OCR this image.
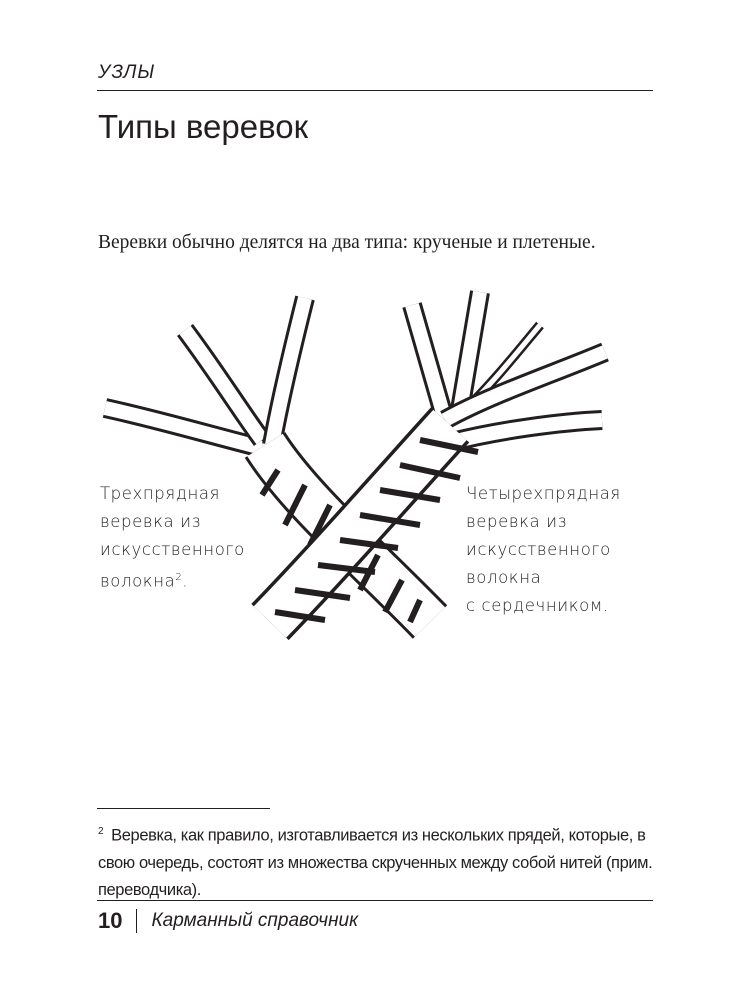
УЗЛЫ
Типы веревок
Веревки обычно делятся на два типа: крученые и плетеные.
Трехпрядная
веревка из
искусственного
волокна$^2$.
Четырехпрядная
веревка из
искусственного
волокна
с сердечником.
$^2$ Веревка, как правило, изготавливается из нескольких прядей, которые, в свою очередь, состоят из множества скрученных между собой нитей (прим. переводчика).
10 Карманный справочник
